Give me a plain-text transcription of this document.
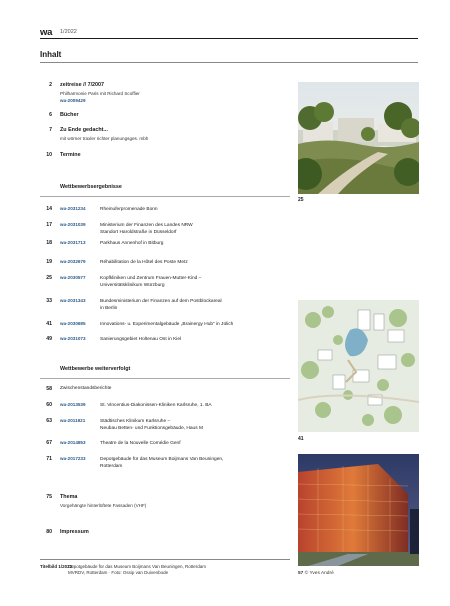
wa 1/2022
Inhalt
2 zeitreise // 7/2007
Philharmonie Paris mit Richard Scoffier
wa-2009429
6 Bücher
7 Zu Ende gedacht...
mit wörner traxler richter planungsges. mbh
10 Termine
Wettbewerbsergebnisse
14 wa-2031234	Rheinuferpromenade Bonn
17 wa-2031039	Ministerium der Finanzen des Landes NRW
Standort Haroldstraße in Düsseldorf
18 wa-2031713	Parkhaus Annenhof in Bitburg
19 wa-2032679	Réhabilitation de la Hôtel des Poste Metz
25 wa-2030577	Kopfkliniken und Zentrum Frauen-Mutter-Kind –
Universitätsklinikum Würzburg
33 wa-2031343	Bundesministerium der Finanzen auf dem Postblockareal
in Berlin
41 wa-2030685	Innovations- u. Experimentalgebäude „Brainergy Hub“ in Jülich
49 wa-2031073	Sanierungsgebiet Holtenau Ost in Kiel
Wettbewerbe weiterverfolgt
58 Zwischenstandsberichte
60 wa-2013539	St. Vincentius-Diakonissen-Kliniken Karlsruhe, 1. BA
63 wa-2011921	Städtisches Klinikum Karlsruhe –
Neubau Betten- und Funktionsgebäude, Haus M
67 wa-2014853	Theatre de la Nouvelle Comédie Genf
71 wa-2017233	Depotgebäude für das Museum Boijmans Van Beuningen,
Rotterdam
75 Thema
Vorgehängte hinterlüftete Fassaden (VHF)
80 Impressum
25
41
Titelbild 1/2022:
Depotgebäude für das Museum Boijmans Van Beuningen, Rotterdam
MVRDV, Rotterdam · Foto: Ossip van Duivenbode	57 © Yves André
